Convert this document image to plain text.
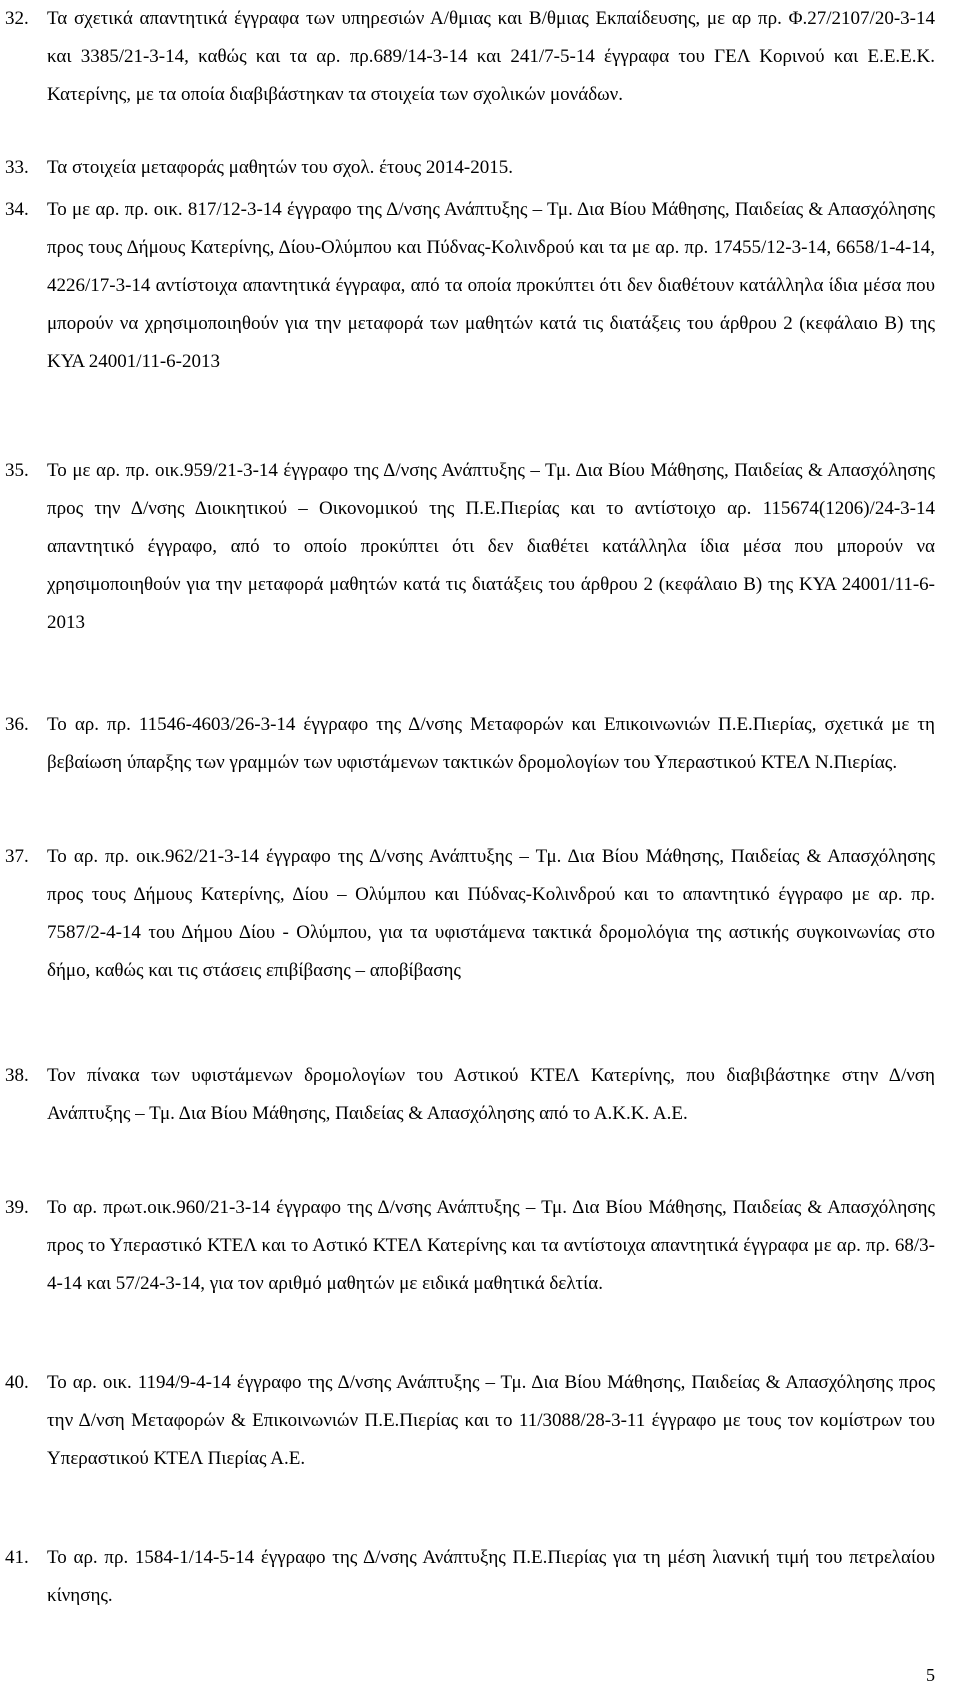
32. Τα σχετικά απαντητικά έγγραφα των υπηρεσιών Α/θμιας και Β/θμιας Εκπαίδευσης, με αρ πρ. Φ.27/2107/20-3-14 και 3385/21-3-14, καθώς και τα αρ. πρ.689/14-3-14 και 241/7-5-14 έγγραφα του ΓΕΛ Κορινού και Ε.Ε.Ε.Κ. Κατερίνης, με τα οποία διαβιβάστηκαν τα στοιχεία των σχολικών μονάδων.
33. Τα στοιχεία μεταφοράς μαθητών του σχολ. έτους 2014-2015.
34. Το με αρ. πρ. οικ. 817/12-3-14 έγγραφο της Δ/νσης Ανάπτυξης – Τμ. Δια Βίου Μάθησης, Παιδείας & Απασχόλησης προς τους Δήμους Κατερίνης, Δίου-Ολύμπου και Πύδνας-Κολινδρού και τα με αρ. πρ. 17455/12-3-14, 6658/1-4-14, 4226/17-3-14 αντίστοιχα απαντητικά έγγραφα, από τα οποία προκύπτει ότι δεν διαθέτουν κατάλληλα ίδια μέσα που μπορούν να χρησιμοποιηθούν για την μεταφορά των μαθητών κατά τις διατάξεις του άρθρου 2 (κεφάλαιο Β) της ΚΥΑ 24001/11-6-2013
35. Το με αρ. πρ. οικ.959/21-3-14 έγγραφο της Δ/νσης Ανάπτυξης – Τμ. Δια Βίου Μάθησης, Παιδείας & Απασχόλησης προς την Δ/νσης Διοικητικού – Οικονομικού της Π.Ε.Πιερίας και το αντίστοιχο αρ. 115674(1206)/24-3-14 απαντητικό έγγραφο, από το οποίο προκύπτει ότι δεν διαθέτει κατάλληλα ίδια μέσα που μπορούν να χρησιμοποιηθούν για την μεταφορά μαθητών κατά τις διατάξεις του άρθρου 2 (κεφάλαιο Β) της ΚΥΑ 24001/11-6-2013
36. Το αρ. πρ. 11546-4603/26-3-14 έγγραφο της Δ/νσης Μεταφορών και Επικοινωνιών Π.Ε.Πιερίας, σχετικά με τη βεβαίωση ύπαρξης των γραμμών των υφιστάμενων τακτικών δρομολογίων του Υπεραστικού ΚΤΕΛ Ν.Πιερίας.
37. Το αρ. πρ. οικ.962/21-3-14 έγγραφο της Δ/νσης Ανάπτυξης – Τμ. Δια Βίου Μάθησης, Παιδείας & Απασχόλησης προς τους Δήμους Κατερίνης, Δίου – Ολύμπου και Πύδνας-Κολινδρού και το απαντητικό έγγραφο με αρ. πρ. 7587/2-4-14 του Δήμου Δίου - Ολύμπου, για τα υφιστάμενα τακτικά δρομολόγια της αστικής συγκοινωνίας στο δήμο, καθώς και τις στάσεις επιβίβασης – αποβίβασης
38. Τον πίνακα των υφιστάμενων δρομολογίων του Αστικού ΚΤΕΛ Κατερίνης, που διαβιβάστηκε στην Δ/νση Ανάπτυξης – Τμ. Δια Βίου Μάθησης, Παιδείας & Απασχόλησης από το Α.Κ.Κ. Α.Ε.
39. Το αρ. πρωτ.οικ.960/21-3-14 έγγραφο της Δ/νσης Ανάπτυξης – Τμ. Δια Βίου Μάθησης, Παιδείας & Απασχόλησης προς το Υπεραστικό ΚΤΕΛ και το Αστικό ΚΤΕΛ Κατερίνης και τα αντίστοιχα απαντητικά έγγραφα με αρ. πρ. 68/3-4-14 και 57/24-3-14, για τον αριθμό μαθητών με ειδικά μαθητικά δελτία.
40. Το αρ. οικ. 1194/9-4-14 έγγραφο της Δ/νσης Ανάπτυξης – Τμ. Δια Βίου Μάθησης, Παιδείας & Απασχόλησης προς την Δ/νση Μεταφορών & Επικοινωνιών Π.Ε.Πιερίας και το 11/3088/28-3-11 έγγραφο με τους τον κομίστρων του Υπεραστικού ΚΤΕΛ Πιερίας Α.Ε.
41. Το αρ. πρ. 1584-1/14-5-14 έγγραφο της Δ/νσης Ανάπτυξης Π.Ε.Πιερίας για τη μέση λιανική τιμή του πετρελαίου κίνησης.
5
